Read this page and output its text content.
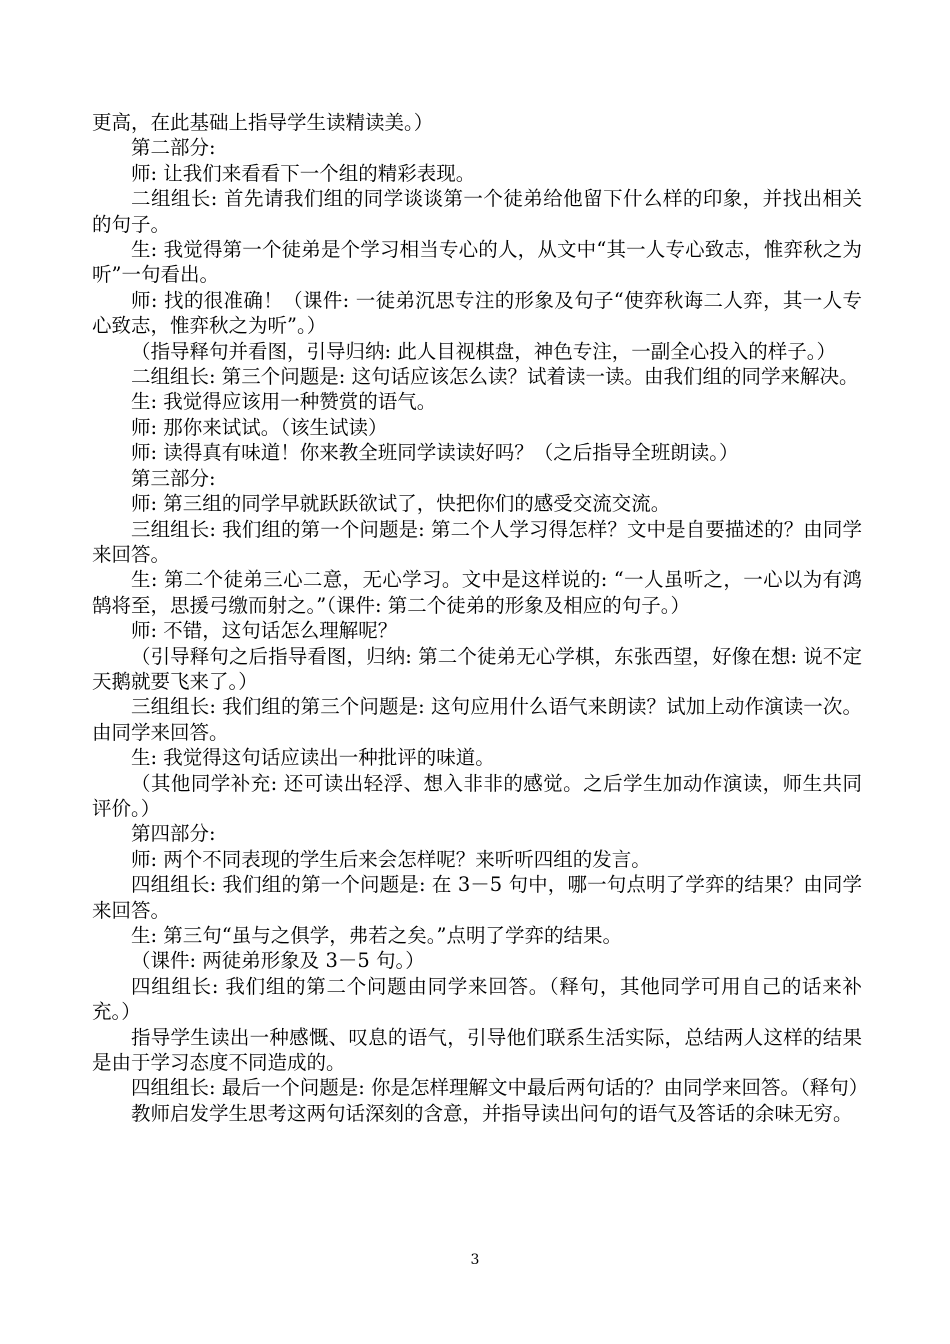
更高，在此基础上指导学生读精读美。）

第二部分:

师: 让我们来看看下一个组的精彩表现。

二组组长: 首先请我们组的同学谈谈第一个徒弟给他留下什么样的印象，并找出相关的句子。

生: 我觉得第一个徒弟是个学习相当专心的人，从文中“其一人专心致志，惟弈秋之为听”一句看出。

师: 找的很准确！（课件: 一徒弟沉思专注的形象及句子“使弈秋诲二人弈，其一人专心致志，惟弈秋之为听”。）

（指导释句并看图，引导归纳: 此人目视棋盘，神色专注，一副全心投入的样子。）

二组组长: 第三个问题是: 这句话应该怎么读？试着读一读。由我们组的同学来解决。

生: 我觉得应该用一种赞赏的语气。

师: 那你来试试。（该生试读）

师: 读得真有味道！你来教全班同学读读好吗？（之后指导全班朗读。）

第三部分:

师: 第三组的同学早就跃跃欲试了，快把你们的感受交流交流。

三组组长: 我们组的第一个问题是: 第二个人学习得怎样？文中是自要描述的？由同学来回答。

生: 第二个徒弟三心二意，无心学习。文中是这样说的: “一人虽听之，一心以为有鸿鹄将至，思援弓缴而射之。”（课件: 第二个徒弟的形象及相应的句子。）

师: 不错，这句话怎么理解呢？

（引导释句之后指导看图，归纳: 第二个徒弟无心学棋，东张西望，好像在想: 说不定天鹅就要飞来了。）

三组组长: 我们组的第三个问题是: 这句应用什么语气来朗读？试加上动作演读一次。由同学来回答。

生: 我觉得这句话应读出一种批评的味道。

（其他同学补充: 还可读出轻浮、想入非非的感觉。之后学生加动作演读，师生共同评价。）

第四部分:

师: 两个不同表现的学生后来会怎样呢？来听听四组的发言。

四组组长: 我们组的第一个问题是: 在 3－5 句中，哪一句点明了学弈的结果？由同学来回答。

生: 第三句“虽与之俱学，弗若之矣。”点明了学弈的结果。

（课件: 两徒弟形象及 3－5 句。）

四组组长: 我们组的第二个问题由同学来回答。（释句，其他同学可用自己的话来补充。）

指导学生读出一种感慨、叹息的语气，引导他们联系生活实际，总结两人这样的结果是由于学习态度不同造成的。

四组组长: 最后一个问题是: 你是怎样理解文中最后两句话的？由同学来回答。（释句）

教师启发学生思考这两句话深刻的含意，并指导读出问句的语气及答话的余味无穷。

3
